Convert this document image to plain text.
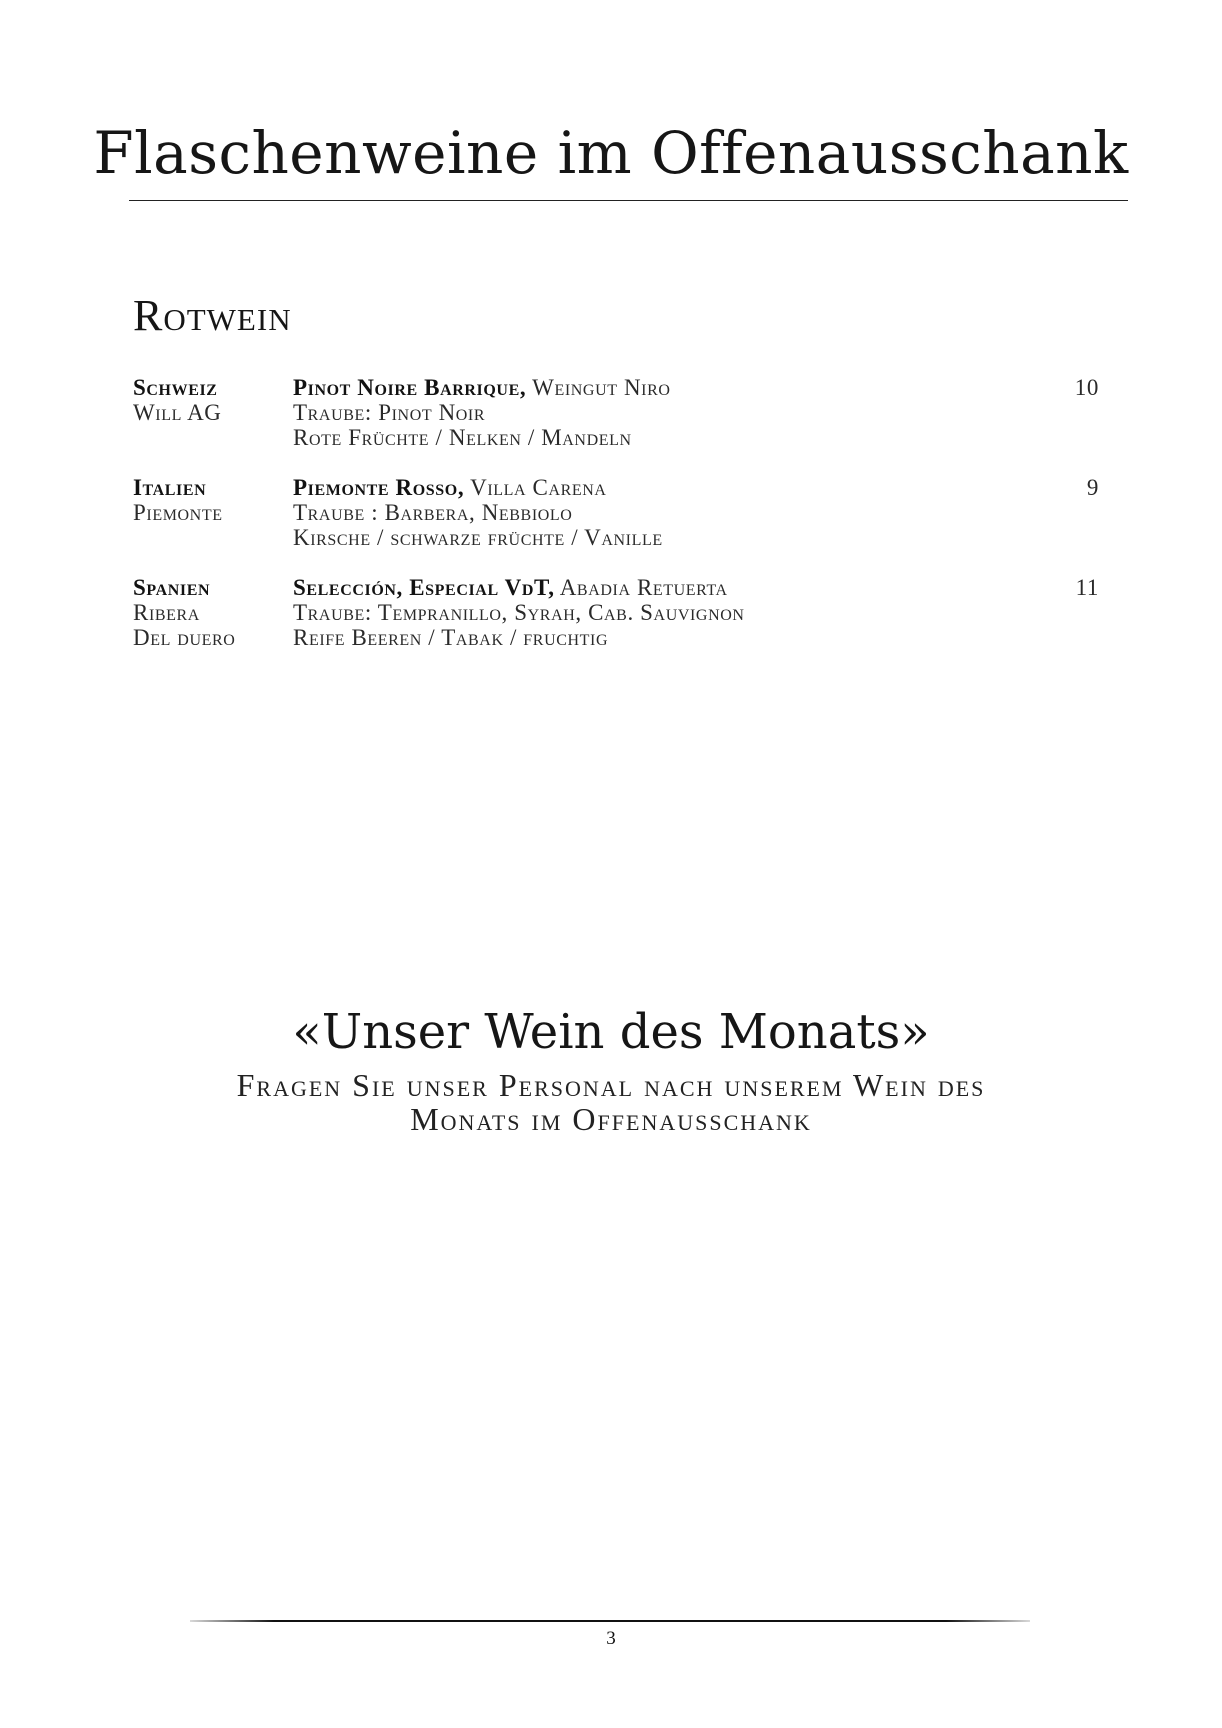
Flaschenweine im Offenausschank
Rotwein
Schweiz
Will AG
Pinot Noire Barrique, Weingut Niro
Traube: Pinot Noir
Rote Früchte / Nelken / Mandeln
10
Italien
Piemonte
Piemonte Rosso, Villa Carena
Traube : Barbera, Nebbiolo
Kirsche / schwarze früchte / Vanille
9
Spanien
Ribera
Del duero
Selección, Especial VdT, Abadia Retuerta
Traube: Tempranillo, Syrah, Cab. Sauvignon
Reife Beeren / Tabak / fruchtig
11
«Unser Wein des Monats»
Fragen Sie unser Personal nach unserem Wein des
Monats im Offenausschank
3
